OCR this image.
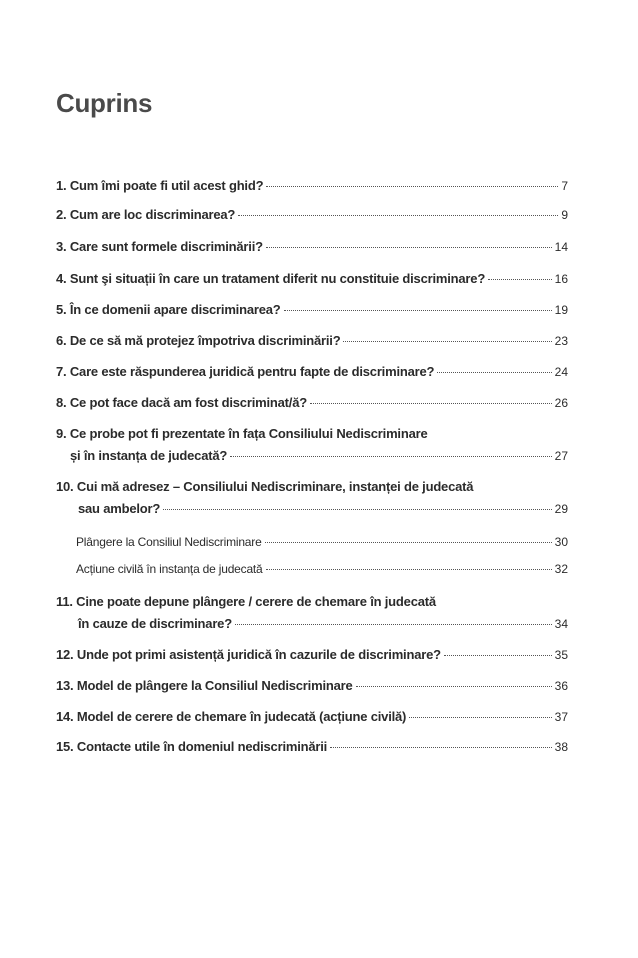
Cuprins
1. Cum îmi poate fi util acest ghid?	7
2. Cum are loc discriminarea?	9
3. Care sunt formele discriminării?	14
4. Sunt şi situații în care un tratament diferit nu constituie discriminare?	16
5. În ce domenii apare discriminarea?	19
6. De ce să mă protejez împotriva discriminării?	23
7. Care este răspunderea juridică pentru fapte de discriminare?	24
8. Ce pot face dacă am fost discriminat/ă?	26
9. Ce probe pot fi prezentate în fața Consiliului Nediscriminare
și în instanța de judecată?	27
10. Cui mă adresez – Consiliului Nediscriminare, instanței de judecată
sau ambelor?	29
Plângere la Consiliul Nediscriminare	30
Acțiune civilă în instanța de judecată	32
11. Cine poate depune plângere / cerere de chemare în judecată
în cauze de discriminare?	34
12. Unde pot primi asistență juridică în cazurile de discriminare?	35
13. Model de plângere la Consiliul Nediscriminare	36
14. Model de cerere de chemare în judecată (acțiune civilă)	37
15. Contacte utile în domeniul nediscriminării	38
